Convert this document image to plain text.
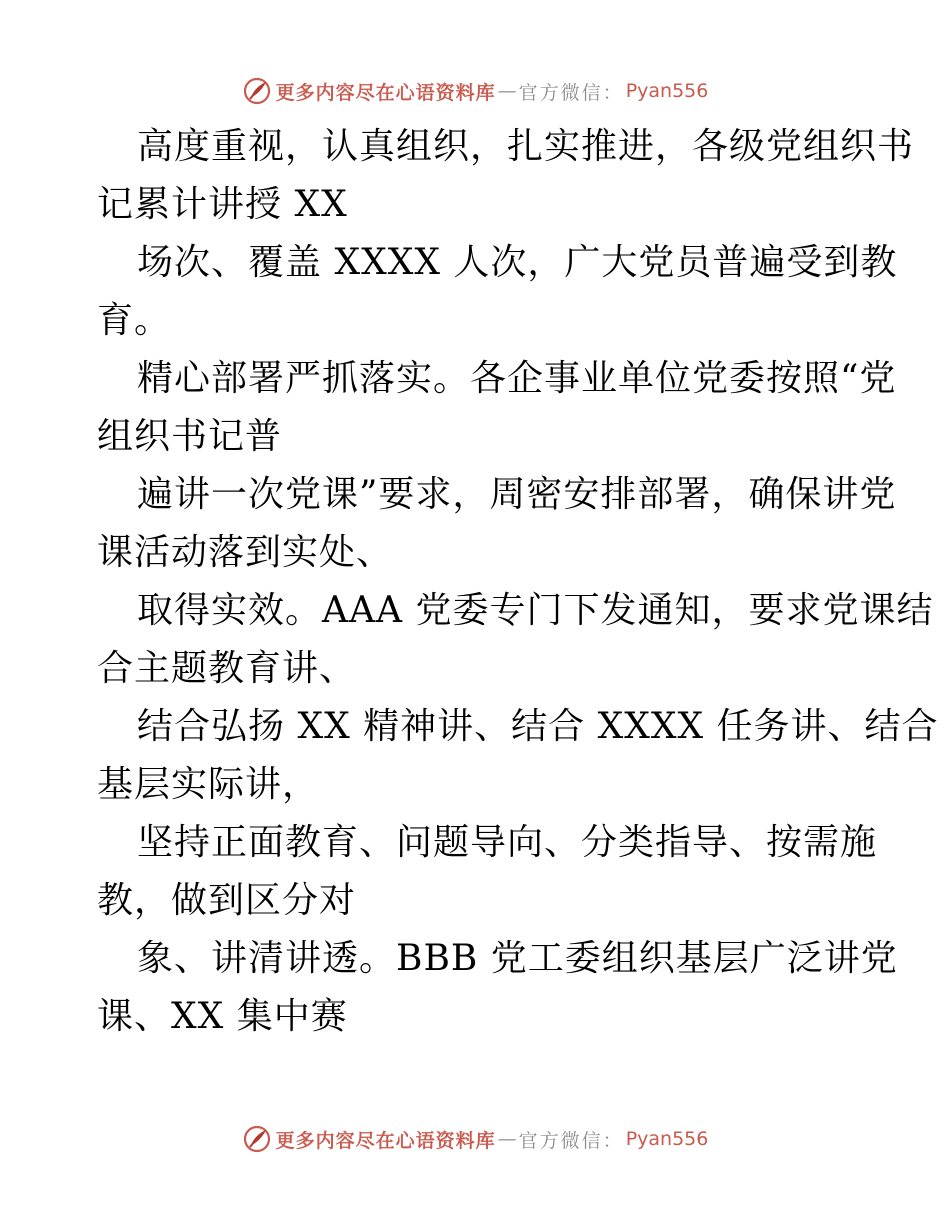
更多内容尽在心语资料库 — 官方微信： Pyan556
高度重视，认真组织，扎实推进，各级党组织书
记累计讲授 XX
场次、覆盖 XXXX 人次，广大党员普遍受到教
育。
精心部署严抓落实。各企事业单位党委按照“党
组织书记普
遍讲一次党课”要求，周密安排部署，确保讲党
课活动落到实处、
取得实效。AAA 党委专门下发通知，要求党课结
合主题教育讲、
结合弘扬 XX 精神讲、结合 XXXX 任务讲、结合
基层实际讲，
坚持正面教育、问题导向、分类指导、按需施
教，做到区分对
象、讲清讲透。BBB 党工委组织基层广泛讲党
课、XX 集中赛
更多内容尽在心语资料库 — 官方微信： Pyan556
